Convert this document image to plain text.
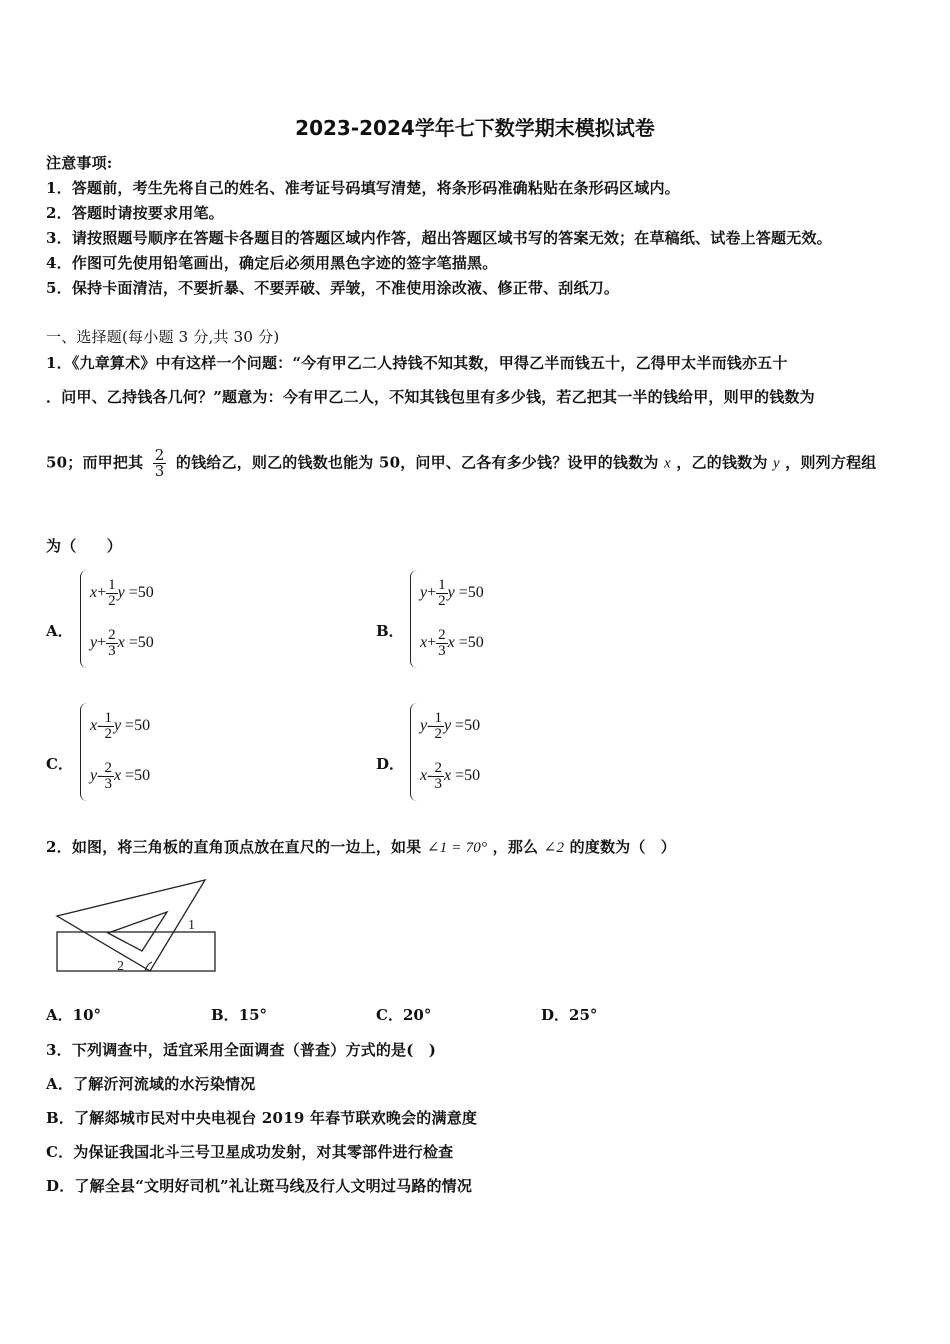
2023-2024学年七下数学期末模拟试卷
注意事项:
1．答题前，考生先将自己的姓名、准考证号码填写清楚，将条形码准确粘贴在条形码区域内。
2．答题时请按要求用笔。
3．请按照题号顺序在答题卡各题目的答题区域内作答，超出答题区域书写的答案无效；在草稿纸、试卷上答题无效。
4．作图可先使用铅笔画出，确定后必须用黑色字迹的签字笔描黑。
5．保持卡面清洁，不要折暴、不要弄破、弄皱，不准使用涂改液、修正带、刮纸刀。
一、选择题(每小题 3 分,共 30 分)
1．《九章算术》中有这样一个问题：“今有甲乙二人持钱不知其数，甲得乙半而钱五十，乙得甲太半而钱亦五十
．问甲、乙持钱各几何？”题意为：今有甲乙二人，不知其钱包里有多少钱，若乙把其一半的钱给甲，则甲的钱数为
50；而甲把其 $\frac{2}{3}$ 的钱给乙，则乙的钱数也能为 50，问甲、乙各有多少钱？设甲的钱数为 x ，乙的钱数为 y ，则列方程组
为（　　）
A．
$x+ \frac{1}{2}$ y =50
$y+ \frac{2}{3}$ x =50
B．
$y+ \frac{1}{2}$ y =50
$x+ \frac{2}{3}$ x =50
C．
$x- \frac{1}{2}$ y =50
$y- \frac{2}{3}$ x =50
D．
$y- \frac{1}{2}$ y =50
$x- \frac{2}{3}$ x =50
2．如图，将三角板的直角顶点放在直尺的一边上，如果 ∠1 = 70° ，那么 ∠2 的度数为（　）
1
2
A．10°	B．15°	C．20°	D．25°
3．下列调查中，适宜采用全面调查（普查）方式的是(　)
A．了解沂河流域的水污染情况
B．了解郯城市民对中央电视台 2019 年春节联欢晚会的满意度
C．为保证我国北斗三号卫星成功发射，对其零部件进行检查
D．了解全县“文明好司机”礼让斑马线及行人文明过马路的情况
